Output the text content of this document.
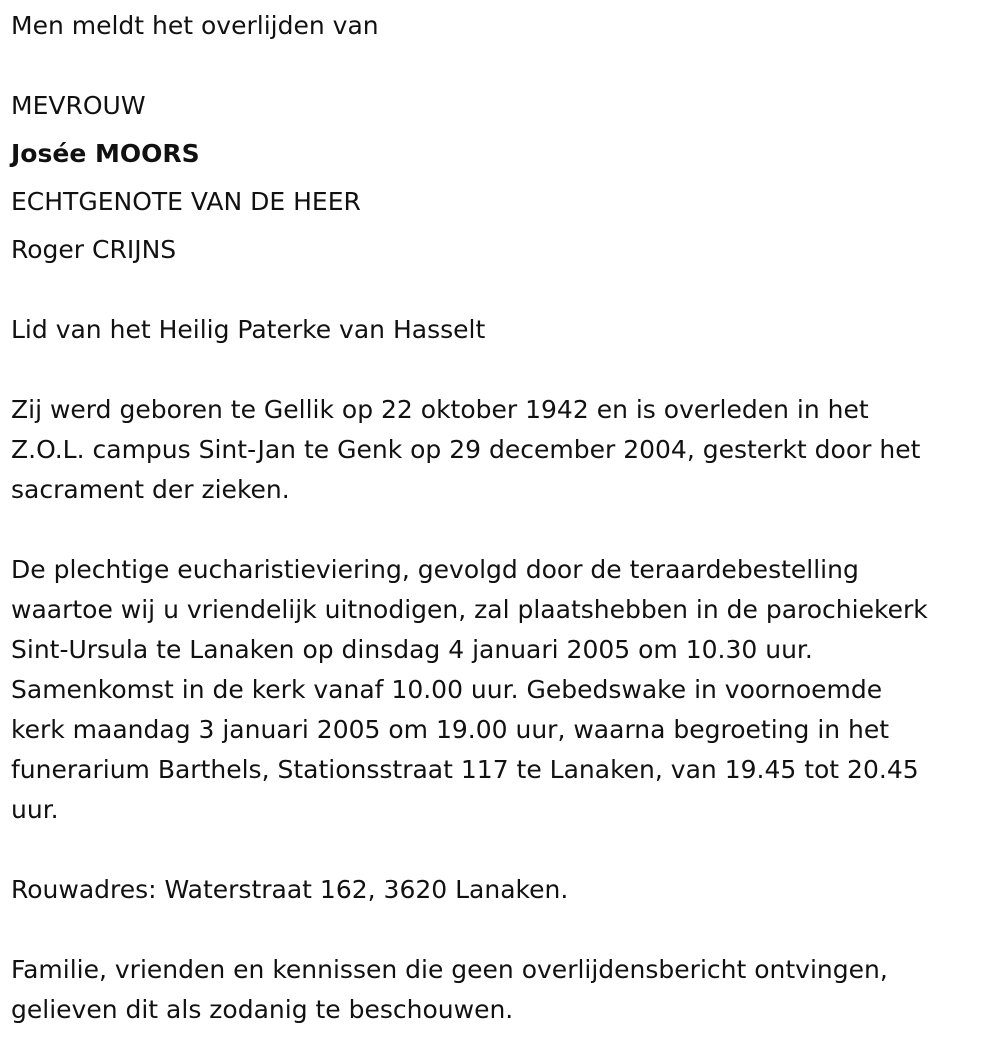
Men meldt het overlijden van
MEVROUW
Josée MOORS
ECHTGENOTE VAN DE HEER
Roger CRIJNS
Lid van het Heilig Paterke van Hasselt
Zij werd geboren te Gellik op 22 oktober 1942 en is overleden in het
Z.O.L. campus Sint-Jan te Genk op 29 december 2004, gesterkt door het
sacrament der zieken.
De plechtige eucharistieviering, gevolgd door de teraardebestelling
waartoe wij u vriendelijk uitnodigen, zal plaatshebben in de parochiekerk
Sint-Ursula te Lanaken op dinsdag 4 januari 2005 om 10.30 uur.
Samenkomst in de kerk vanaf 10.00 uur. Gebedswake in voornoemde
kerk maandag 3 januari 2005 om 19.00 uur, waarna begroeting in het
funerarium Barthels, Stationsstraat 117 te Lanaken, van 19.45 tot 20.45
uur.
Rouwadres: Waterstraat 162, 3620 Lanaken.
Familie, vrienden en kennissen die geen overlijdensbericht ontvingen,
gelieven dit als zodanig te beschouwen.
